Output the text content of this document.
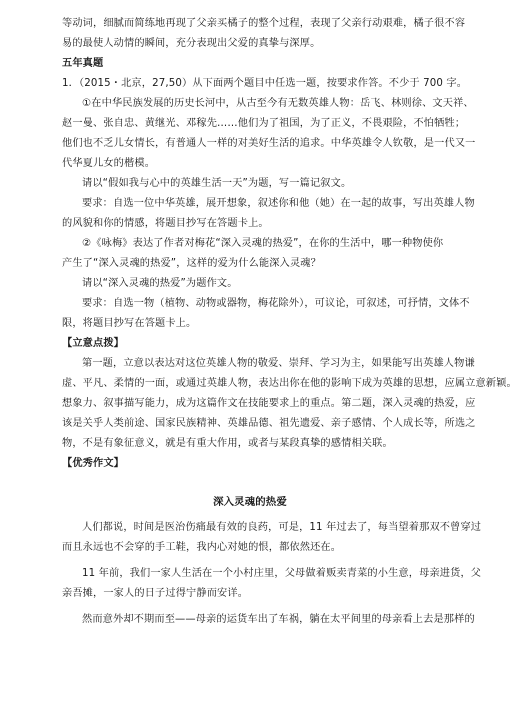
等动词，细腻而简练地再现了父亲买橘子的整个过程，表现了父亲行动艰难，橘子很不容
易的最使人动情的瞬间，充分表现出父爱的真挚与深厚。
五年真题
1．（2015・北京，27,50）从下面两个题目中任选一题，按要求作答。不少于 700 字。
①在中华民族发展的历史长河中，从古至今有无数英雄人物：岳飞、林则徐、文天祥、
赵一曼、张自忠、黄继光、邓稼先……他们为了祖国，为了正义，不畏艰险，不怕牺牲；
他们也不乏儿女情长，有普通人一样的对美好生活的追求。中华英雄令人钦敬，是一代又一
代华夏儿女的楷模。
请以“假如我与心中的英雄生活一天”为题，写一篇记叙文。
要求：自选一位中华英雄，展开想象，叙述你和他（她）在一起的故事，写出英雄人物
的风貌和你的情感，将题目抄写在答题卡上。
②《咏梅》表达了作者对梅花“深入灵魂的热爱”，在你的生活中，哪一种物使你
产生了“深入灵魂的热爱”，这样的爱为什么能深入灵魂？
请以“深入灵魂的热爱”为题作文。
要求：自选一物（植物、动物或器物，梅花除外），可议论，可叙述，可抒情，文体不
限，将题目抄写在答题卡上。
【立意点拨】
第一题，立意以表达对这位英雄人物的敬爱、崇拜、学习为主，如果能写出英雄人物谦
虚、平凡、柔情的一面，或通过英雄人物，表达出你在他的影响下成为英雄的思想，应属立意新颖。
想象力、叙事描写能力，成为这篇作文在技能要求上的重点。第二题，深入灵魂的热爱，应
该是关乎人类前途、国家民族精神、英雄品德、祖先遗爱、亲子感情、个人成长等，所选之
物，不是有象征意义，就是有重大作用，或者与某段真挚的感情相关联。
【优秀作文】
深入灵魂的热爱
人们都说，时间是医治伤痛最有效的良药，可是，11 年过去了，每当望着那双不曾穿过
而且永远也不会穿的手工鞋，我内心对她的恨，都依然还在。
11 年前，我们一家人生活在一个小村庄里，父母做着贩卖青菜的小生意，母亲进货，父
亲吾摊，一家人的日子过得宁静而安详。
然而意外却不期而至——母亲的运货车出了车祸，躺在太平间里的母亲看上去是那样的
